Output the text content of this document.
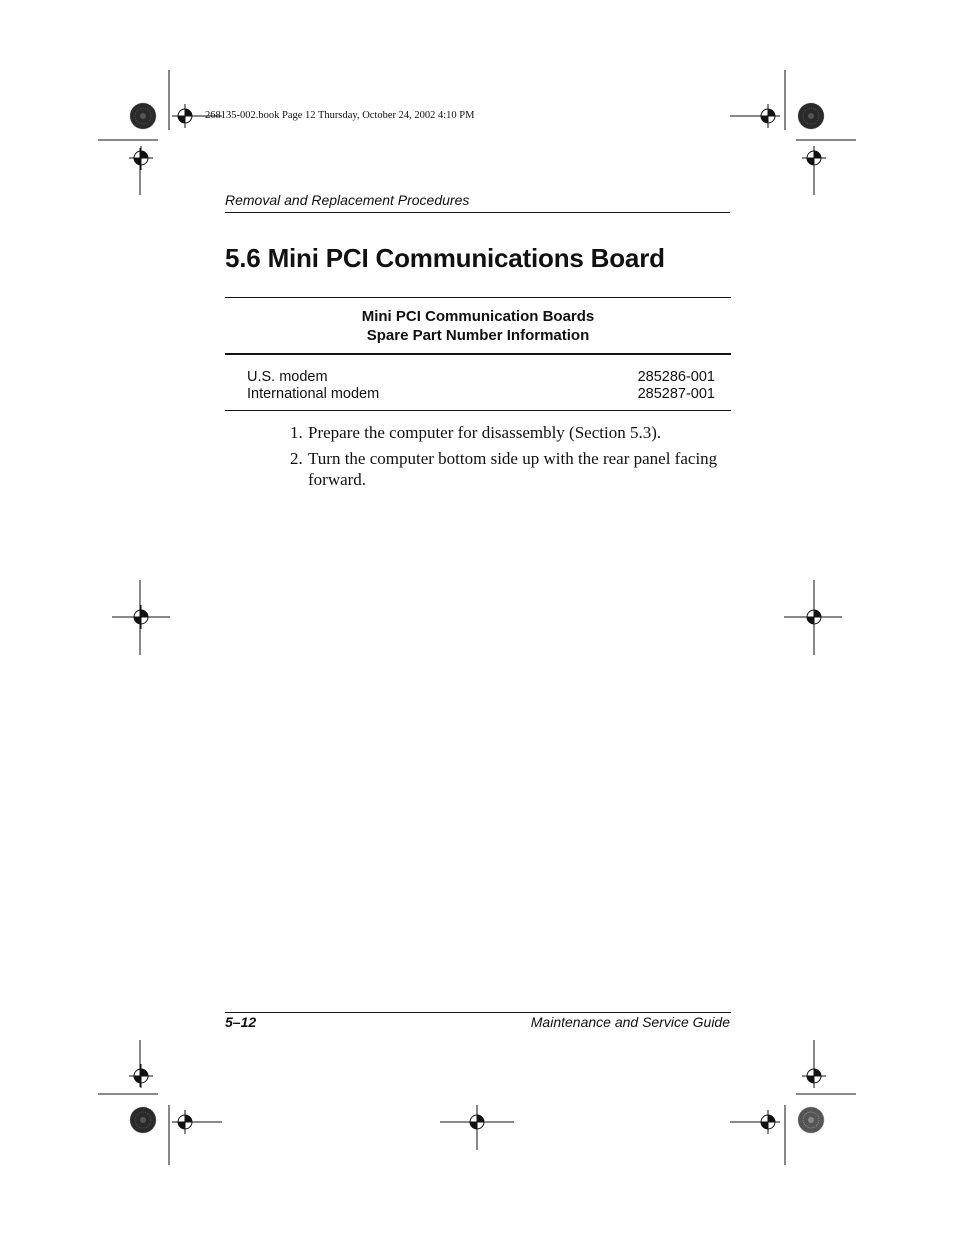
268135-002.book Page 12 Thursday, October 24, 2002 4:10 PM
Removal and Replacement Procedures
5.6 Mini PCI Communications Board
Mini PCI Communication Boards
Spare Part Number Information
U.S. modem	285286-001
International modem	285287-001
1. Prepare the computer for disassembly (Section 5.3).
2. Turn the computer bottom side up with the rear panel facing forward.
5–12	Maintenance and Service Guide
